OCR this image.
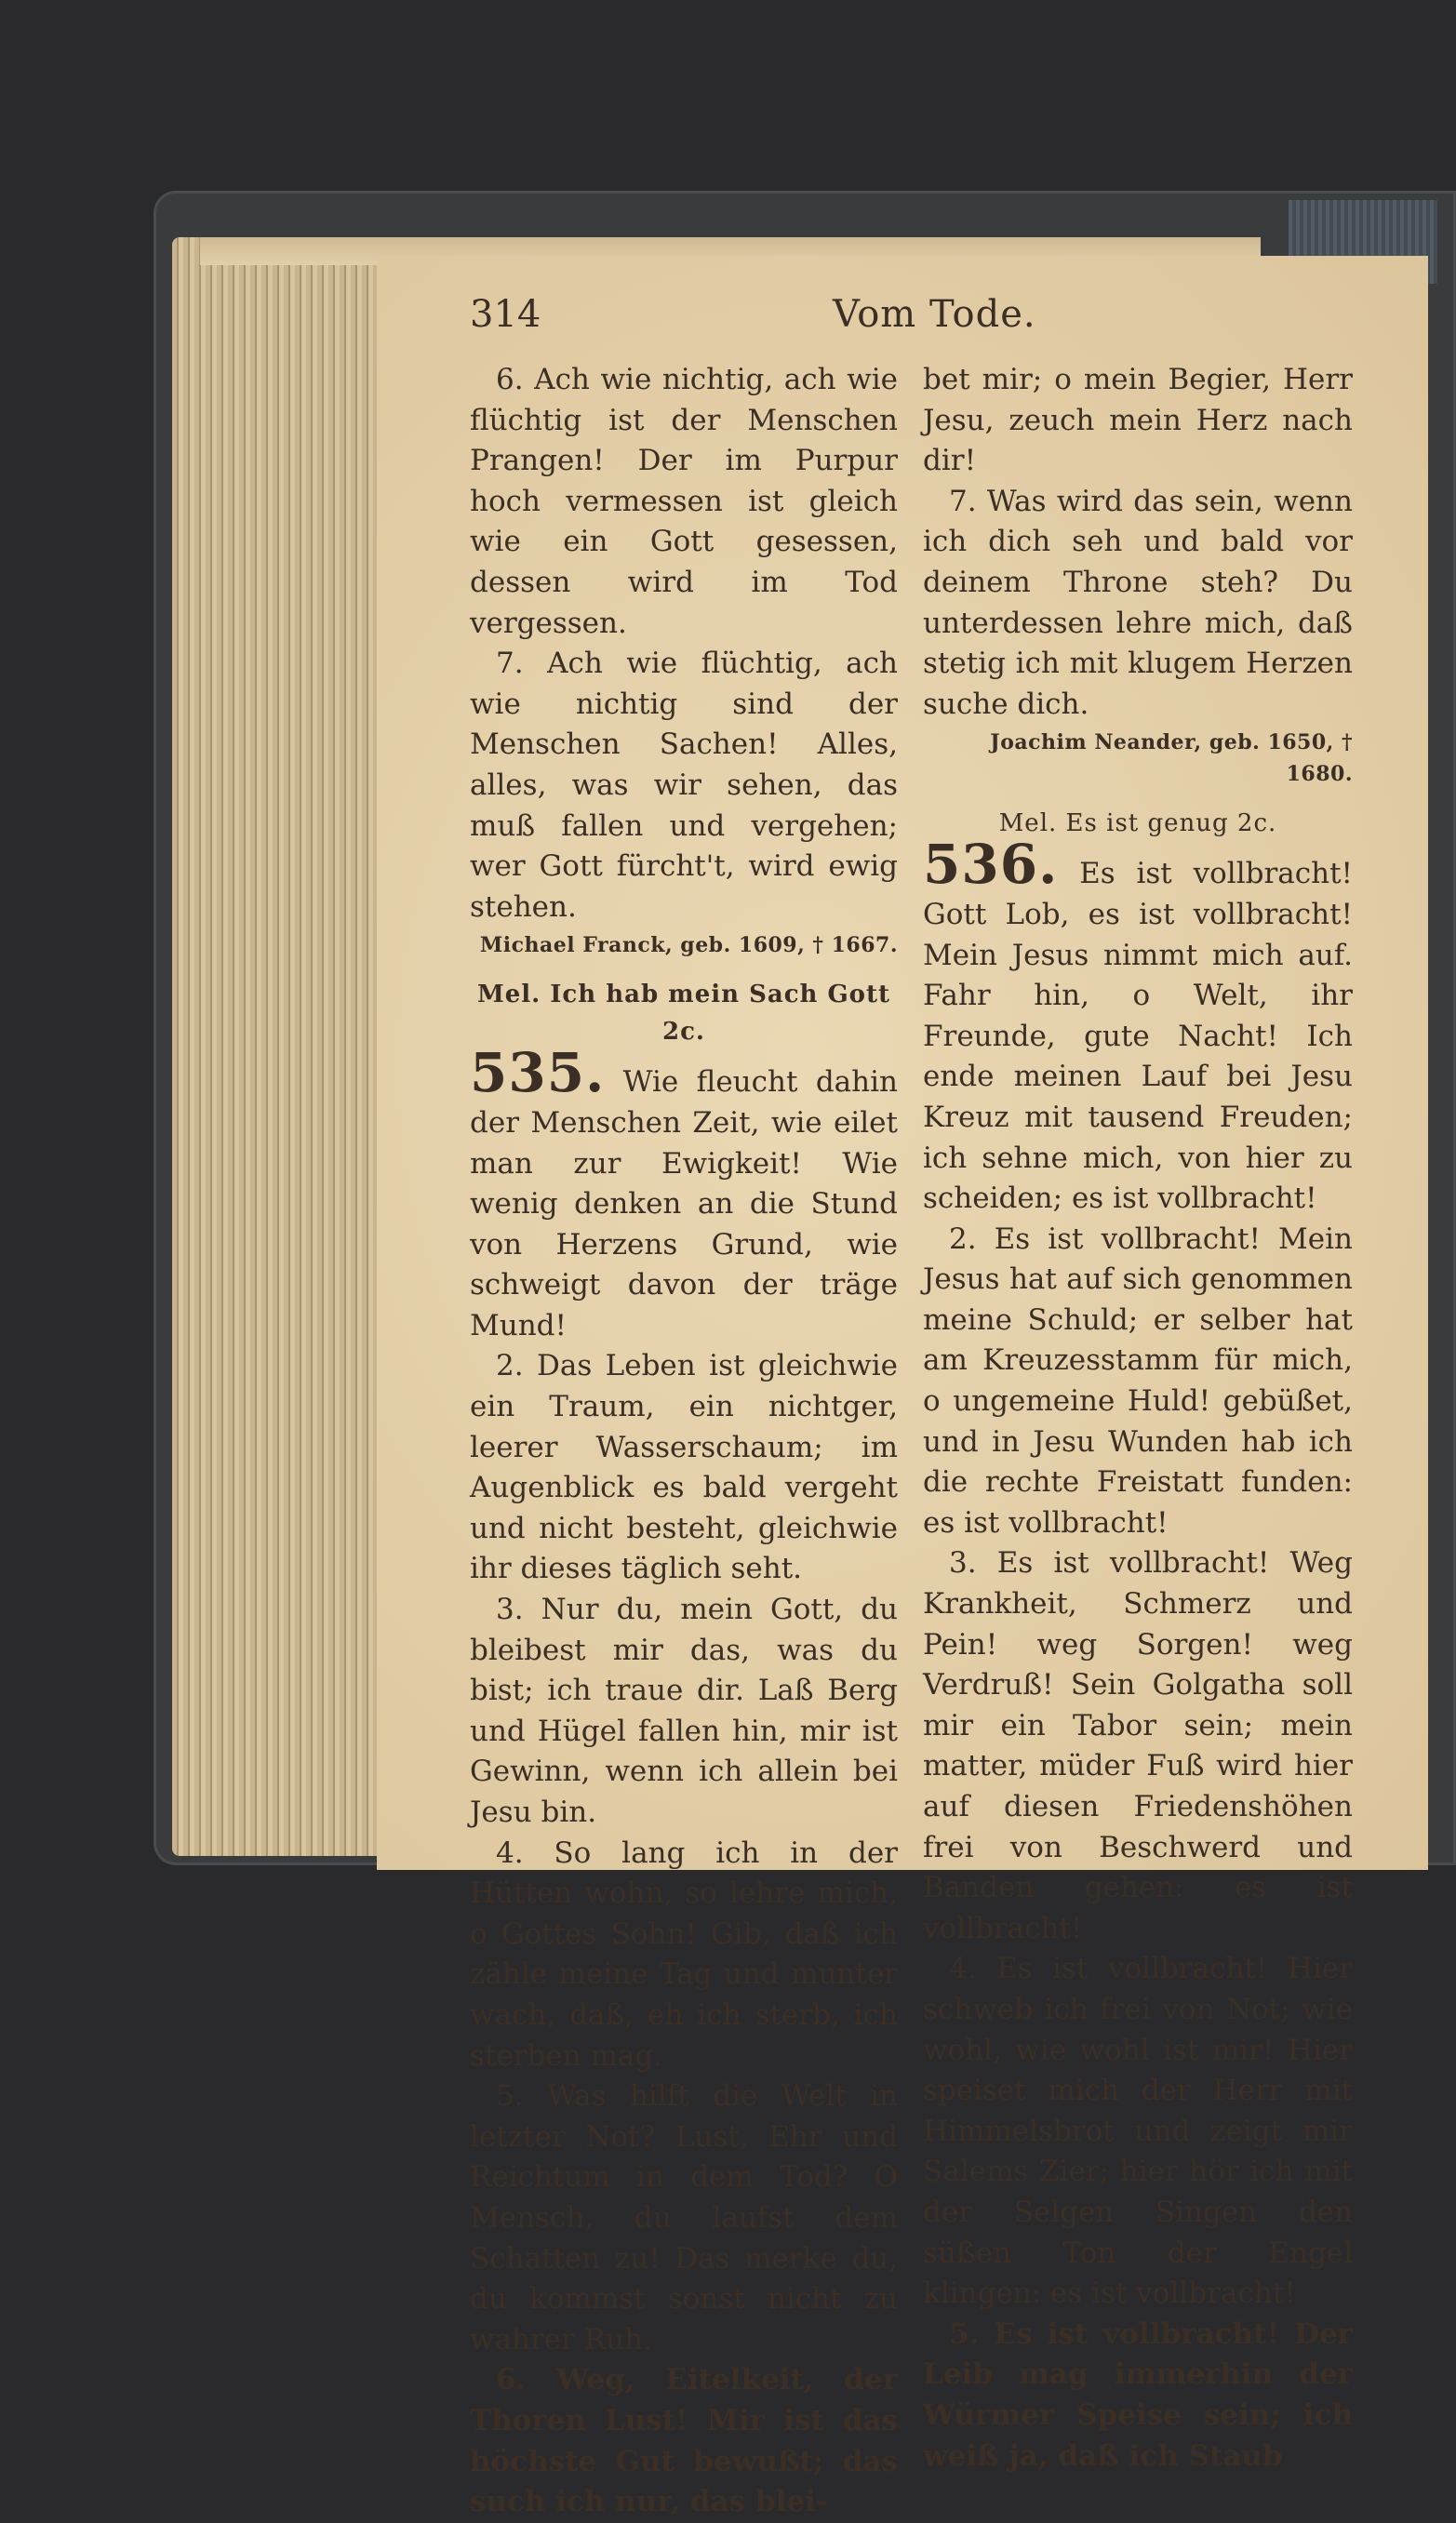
314	Vom Tode.

6. Ach wie nichtig, ach wie flüchtig ist der Menschen Prangen! Der im Purpur hoch vermessen ist gleich wie ein Gott gesessen, dessen wird im Tod vergessen.

7. Ach wie flüchtig, ach wie nichtig sind der Menschen Sachen! Alles, alles, was wir sehen, das muß fallen und vergehen; wer Gott fürcht't, wird ewig stehen.

Michael Franck, geb. 1609, † 1667.

Mel. Ich hab mein Sach Gott 2c.

535. Wie fleucht dahin der Menschen Zeit, wie eilet man zur Ewigkeit! Wie wenig denken an die Stund von Herzens Grund, wie schweigt davon der träge Mund!

2. Das Leben ist gleichwie ein Traum, ein nichtger, leerer Wasserschaum; im Augenblick es bald vergeht und nicht besteht, gleichwie ihr dieses täglich seht.

3. Nur du, mein Gott, du bleibest mir das, was du bist; ich traue dir. Laß Berg und Hügel fallen hin, mir ist Gewinn, wenn ich allein bei Jesu bin.

4. So lang ich in der Hütten wohn, so lehre mich, o Gottes Sohn! Gib, daß ich zähle meine Tag und munter wach, daß, eh ich sterb, ich sterben mag.

5. Was hilft die Welt in letzter Not? Lust, Ehr und Reichtum in dem Tod? O Mensch, du laufst dem Schatten zu! Das merke du, du kommst sonst nicht zu wahrer Ruh.

6. Weg, Eitelkeit, der Thoren Lust! Mir ist das höchste Gut bewußt; das such ich nur, das blei-

bet mir; o mein Begier, Herr Jesu, zeuch mein Herz nach dir!

7. Was wird das sein, wenn ich dich seh und bald vor deinem Throne steh? Du unterdessen lehre mich, daß stetig ich mit klugem Herzen suche dich.

Joachim Neander, geb. 1650, † 1680.

Mel. Es ist genug 2c.

536. Es ist vollbracht! Gott Lob, es ist vollbracht! Mein Jesus nimmt mich auf. Fahr hin, o Welt, ihr Freunde, gute Nacht! Ich ende meinen Lauf bei Jesu Kreuz mit tausend Freuden; ich sehne mich, von hier zu scheiden; es ist vollbracht!

2. Es ist vollbracht! Mein Jesus hat auf sich genommen meine Schuld; er selber hat am Kreuzesstamm für mich, o ungemeine Huld! gebüßet, und in Jesu Wunden hab ich die rechte Freistatt funden: es ist vollbracht!

3. Es ist vollbracht! Weg Krankheit, Schmerz und Pein! weg Sorgen! weg Verdruß! Sein Golgatha soll mir ein Tabor sein; mein matter, müder Fuß wird hier auf diesen Friedenshöhen frei von Beschwerd und Banden gehen: es ist vollbracht!

4. Es ist vollbracht! Hier schweb ich frei von Not; wie wohl, wie wohl ist mir! Hier speiset mich der Herr mit Himmelsbrot und zeigt mir Salems Zier; hier hör ich mit der Selgen Singen den süßen Ton der Engel klingen: es ist vollbracht!

5. Es ist vollbracht! Der Leib mag immerhin der Würmer Speise sein; ich weiß ja, daß ich Staub
